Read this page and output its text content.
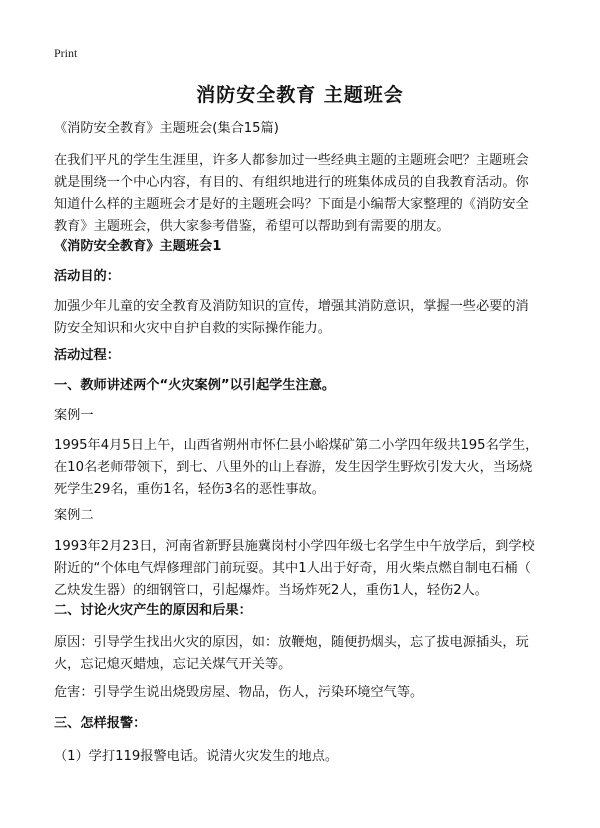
Print
消防安全教育 主题班会
《消防安全教育》主题班会(集合15篇)
在我们平凡的学生生涯里，许多人都参加过一些经典主题的主题班会吧？主题班会
就是围绕一个中心内容，有目的、有组织地进行的班集体成员的自我教育活动。你
知道什么样的主题班会才是好的主题班会吗？下面是小编帮大家整理的《消防安全
教育》主题班会，供大家参考借鉴，希望可以帮助到有需要的朋友。
《消防安全教育》主题班会1
活动目的：
加强少年儿童的安全教育及消防知识的宣传，增强其消防意识，掌握一些必要的消
防安全知识和火灾中自护自救的实际操作能力。
活动过程：
一、教师讲述两个“火灾案例”以引起学生注意。
案例一
1995年4月5日上午，山西省朔州市怀仁县小峪煤矿第二小学四年级共195名学生，
在10名老师带领下，到七、八里外的山上春游，发生因学生野炊引发大火，当场烧
死学生29名，重伤1名，轻伤3名的恶性事故。
案例二
1993年2月23日，河南省新野县施冀岗村小学四年级七名学生中午放学后，到学校
附近的“个体电气焊修理部门前玩耍。其中1人出于好奇，用火柴点燃自制电石桶（
乙炔发生器）的细钢管口，引起爆炸。当场炸死2人，重伤1人，轻伤2人。
二、讨论火灾产生的原因和后果：
原因：引导学生找出火灾的原因，如：放鞭炮，随便扔烟头，忘了拔电源插头，玩
火，忘记熄灭蜡烛，忘记关煤气开关等。
危害：引导学生说出烧毁房屋、物品，伤人，污染环境空气等。
三、怎样报警：
（1）学打119报警电话。说清火灾发生的地点。
